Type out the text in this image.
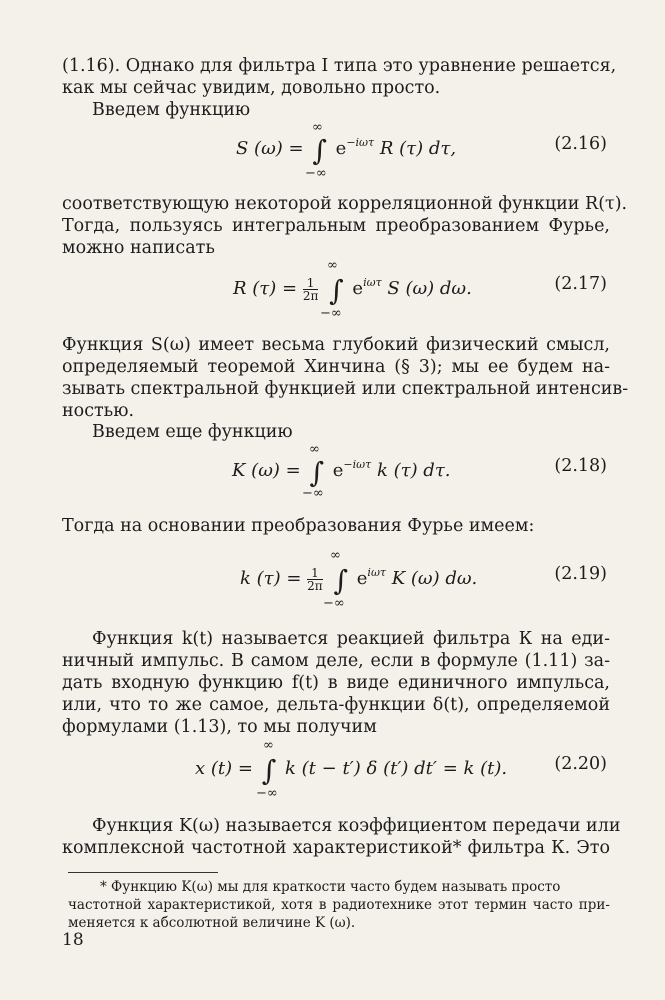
(1.16). Однако для фильтра I типа это уравнение решается,
как мы сейчас увидим, довольно просто.
Введем функцию
S (ω) = ∫ $e^{-i\omega\tau}$ R (τ) dτ,
∞
−∞
(2.16)
соответствующую некоторой корреляционной функции R(τ).
Тогда, пользуясь интегральным преобразованием Фурье,
можно написать
R $(\tau) = \frac{1}{2\pi}$ ∫ $e^{i\omega\tau}$ S (ω) dω.
∞
−∞
(2.17)
Функция S(ω) имеет весьма глубокий физический смысл,
определяемый теоремой Хинчина (§ 3); мы ее будем на-
зывать спектральной функцией или спектральной интенсив-
ностью.
Введем еще функцию
K (ω) = ∫ $e^{-i\omega\tau}$ k (τ) dτ.
∞
−∞
(2.18)
Тогда на основании преобразования Фурье имеем:
k $(\tau) = \frac{1}{2\pi}$ ∫ $e^{i\omega\tau}$ K (ω) dω.
∞
−∞
(2.19)
Функция k(t) называется реакцией фильтра К на еди-
ничный импульс. В самом деле, если в формуле (1.11) за-
дать входную функцию f(t) в виде единичного импульса,
или, что то же самое, дельта-функции δ(t), определяемой
формулами (1.13), то мы получим
x (t) = ∫ k (t − t′) δ (t′) dt′ = k (t).
∞
−∞
(2.20)
Функция K(ω) называется коэффициентом передачи или
комплексной частотной характеристикой* фильтра К. Это
* Функцию K(ω) мы для краткости часто будем называть просто
частотной характеристикой, хотя в радиотехнике этот термин часто при-
меняется к абсолютной величине K (ω).
18
